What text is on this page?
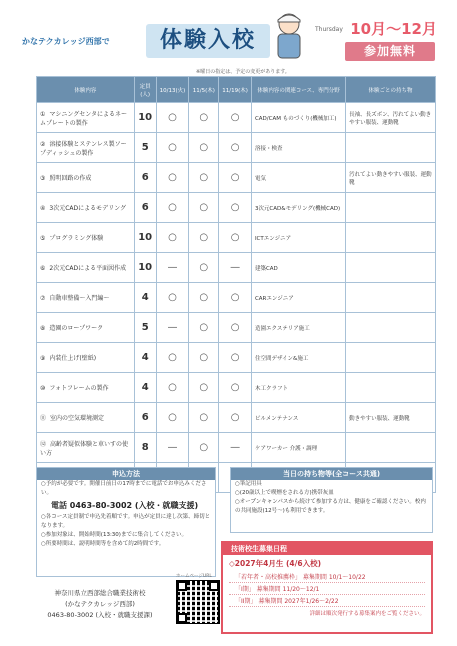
かなテクカレッジ西部で	体験入校	Thursday 10月〜12月
参加無料
※曜日の指定は、予定の変更があります。
体験内容	定員(人)	10/13(火)	11/5(木)	11/19(木)	体験内容の関連コース、専門分野	体験ごとの持ち物
① マシニングセンタによるネームプレートの製作	10	○	○	○	CAD/CAM ものづくり(機械加工)	長袖、長ズボン、汚れてよい動きやすい服装、運動靴
② 溶接体験とステンレス製ソープディッシュの製作	5	○	○	○	溶接・検査	
③ 照明回路の作成	6	○	○	○	電気	汚れてよい動きやすい服装、運動靴
④ 3次元CADによるモデリング	6	○	○	○	3次元CAD&モデリング(機械CAD)	
⑤ プログラミング体験	10	○	○	○	ICTエンジニア	
⑥ 2次元CADによる平面図作成	10	—	○	—	建築CAD	
⑦ 自動車整備〜入門編〜	4	○	○	○	CARエンジニア	
⑧ 造園のロープワーク	5	—	○	○	造園エクステリア施工	
⑨ 内装仕上げ(壁紙)	4	○	○	○	住空間デザイン&施工	
⑩ フォトフレームの製作	4	○	○	○	木工クラフト	
⑪ 室内の空気環境測定	6	○	○	○	ビルメンテナンス	動きやすい服装、運動靴
⑫ 高齢者疑似体験と車いすの使い方	8	—	○	—	ケアワーカー 介護・調理	

申込方法
○予約が必要です。開催日前日の17時までに電話でお申込みください。
電話 0463-80-3002 (入校・就職支援)
○各コース定員制で申込先着順です。申込が定員に達し次第、締切となります。
○参加対象は、開始時間(13:30)までに集合してください。
○所要時間は、説明時間等を含めて約2時間です。
当日の持ち物等(全コース共通)
○筆記用具
○(20歳以上で喫煙をされる方)携帯灰皿
○オープンキャンパスから続けて参加する方は、健康をご確認ください。校内の共同施設(12号〜)も利用できます。
技術校生募集日程
◇2027年4月生 (4/6入校)
「若年者・高校推薦枠」 募集期間 10/1〜10/22
「I期」 募集期間 11/20〜12/1
「II期」 募集期間 2027年1/26〜2/22
詳細は順次発行する募集案内をご覧ください。
神奈川県立西部総合職業技術校
(かなテクカレッジ西部)
0463-80-3002 (入校・就職支援課)
ホームページURL
